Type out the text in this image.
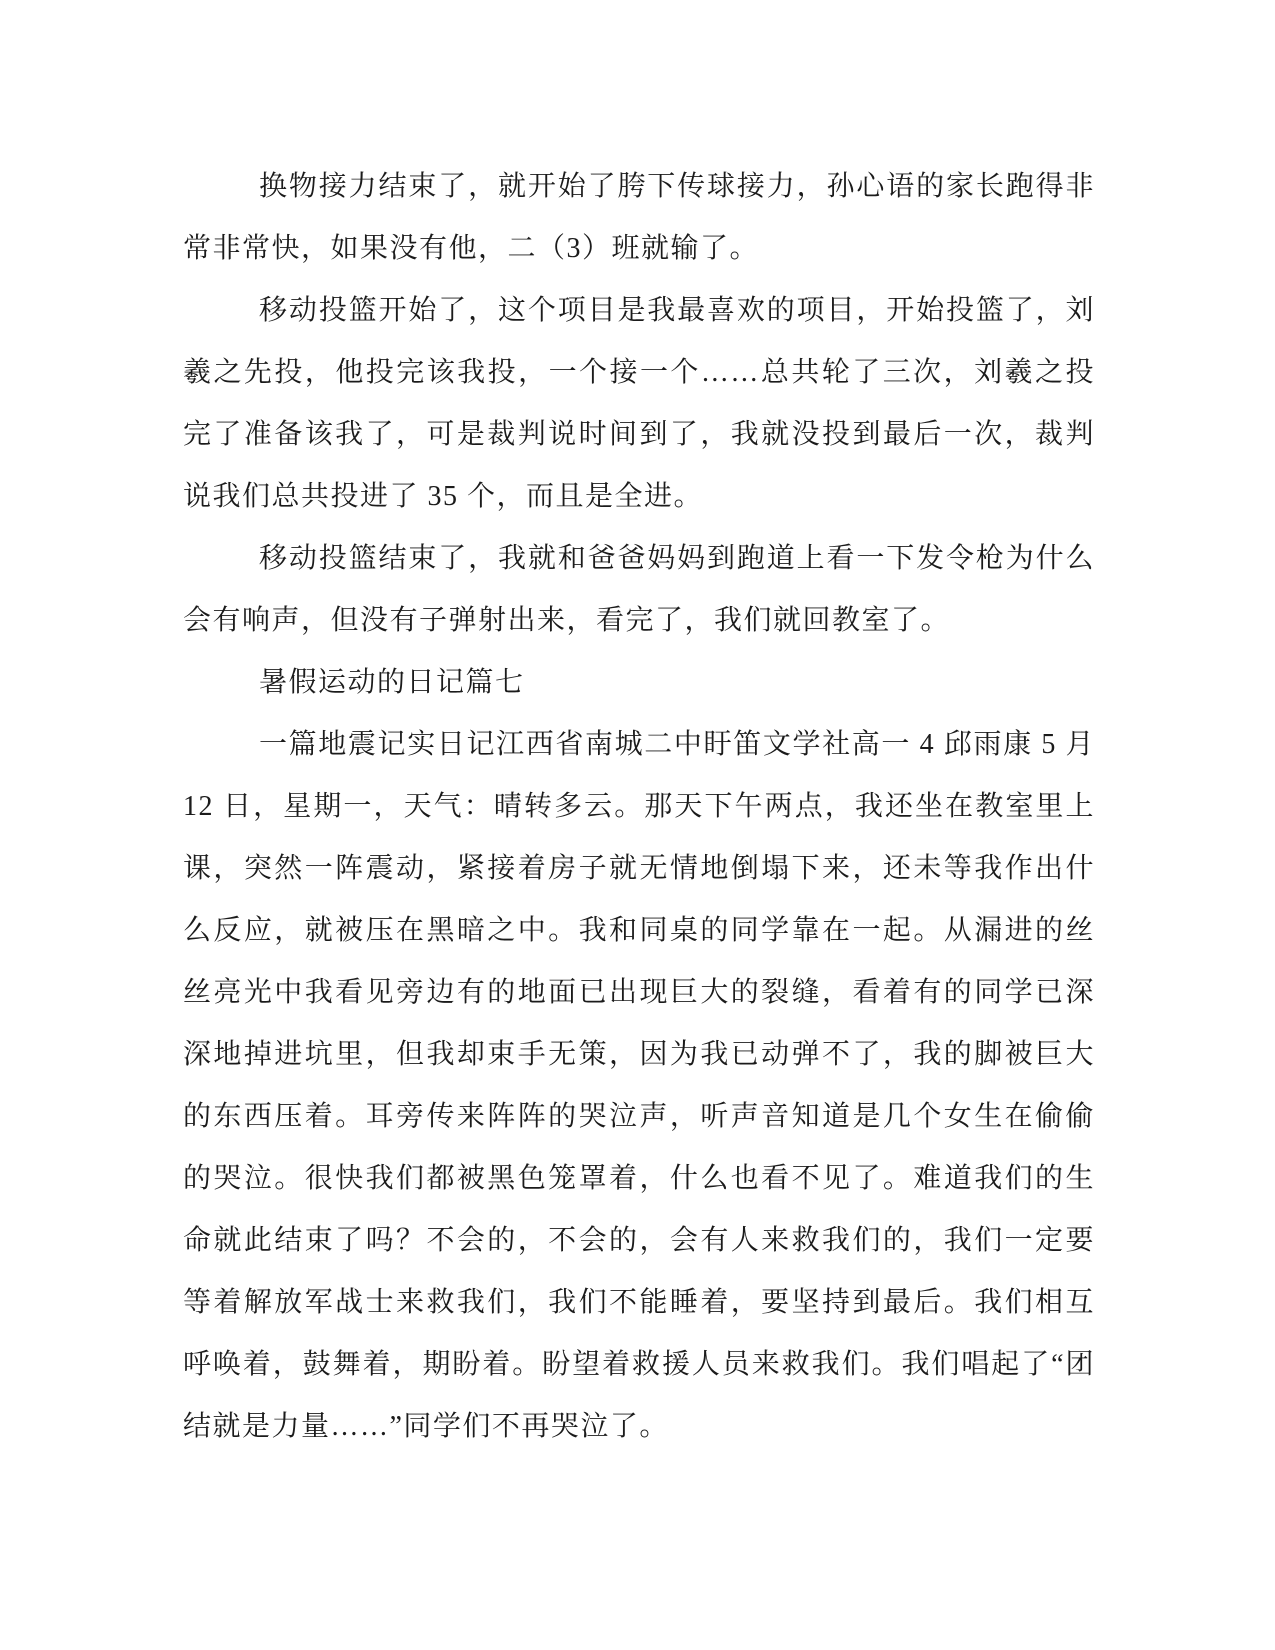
换物接力结束了，就开始了胯下传球接力，孙心语的家长跑得非常非常快，如果没有他，二（3）班就输了。

移动投篮开始了，这个项目是我最喜欢的项目，开始投篮了，刘羲之先投，他投完该我投，一个接一个……总共轮了三次，刘羲之投完了准备该我了，可是裁判说时间到了，我就没投到最后一次，裁判说我们总共投进了 35 个，而且是全进。

移动投篮结束了，我就和爸爸妈妈到跑道上看一下发令枪为什么会有响声，但没有子弹射出来，看完了，我们就回教室了。

暑假运动的日记篇七

一篇地震记实日记江西省南城二中盱笛文学社高一 4 邱雨康 5 月 12 日，星期一，天气：晴转多云。那天下午两点，我还坐在教室里上课，突然一阵震动，紧接着房子就无情地倒塌下来，还未等我作出什么反应，就被压在黑暗之中。我和同桌的同学靠在一起。从漏进的丝丝亮光中我看见旁边有的地面已出现巨大的裂缝，看着有的同学已深深地掉进坑里，但我却束手无策，因为我已动弹不了，我的脚被巨大的东西压着。耳旁传来阵阵的哭泣声，听声音知道是几个女生在偷偷的哭泣。很快我们都被黑色笼罩着，什么也看不见了。难道我们的生命就此结束了吗？不会的，不会的，会有人来救我们的，我们一定要等着解放军战士来救我们，我们不能睡着，要坚持到最后。我们相互呼唤着，鼓舞着，期盼着。盼望着救援人员来救我们。我们唱起了“团结就是力量……”同学们不再哭泣了。
